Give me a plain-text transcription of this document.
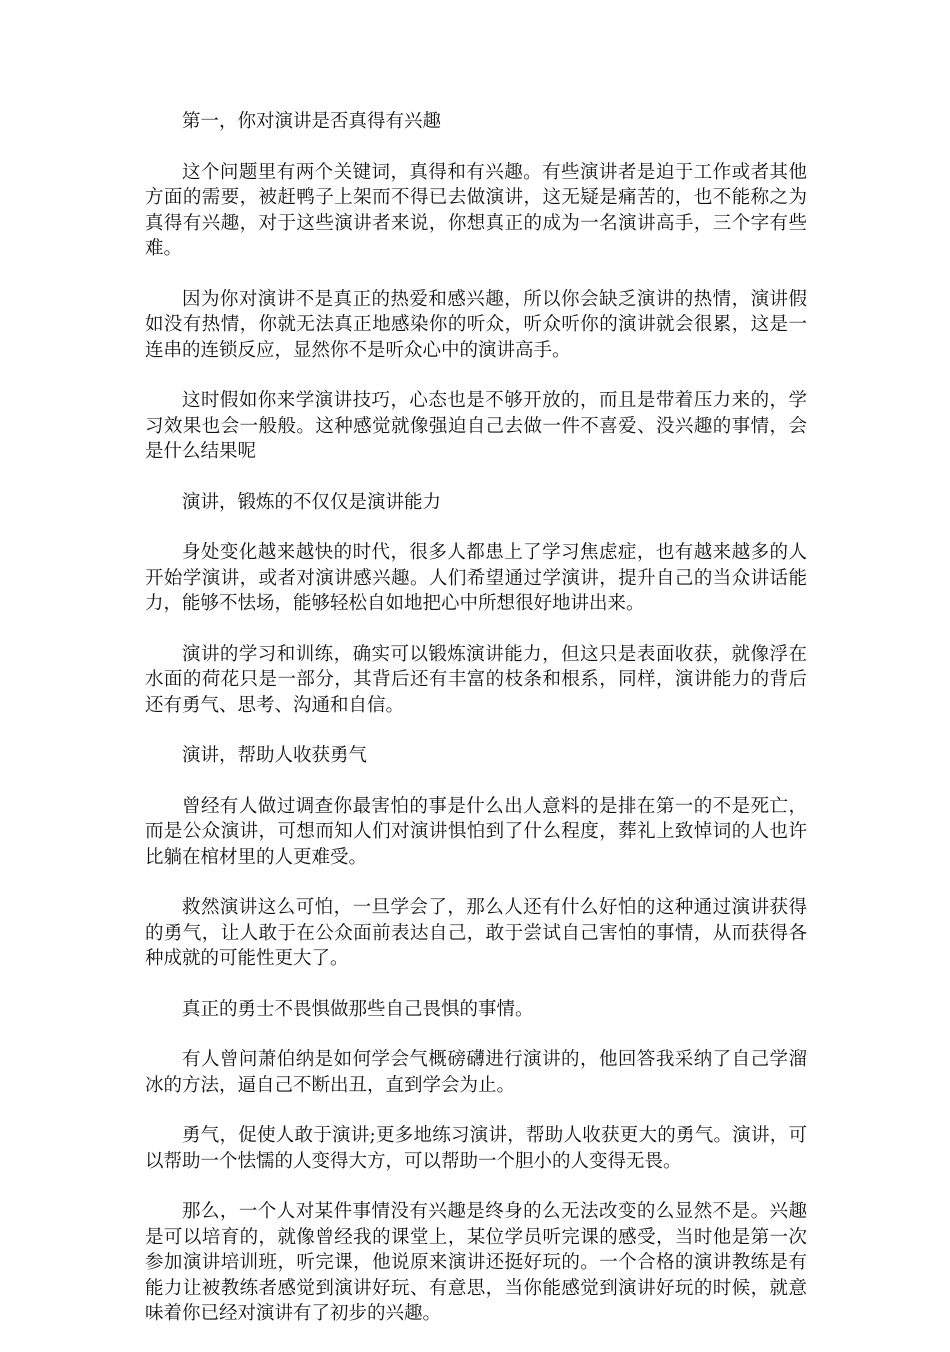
第一，你对演讲是否真得有兴趣

这个问题里有两个关键词，真得和有兴趣。有些演讲者是迫于工作或者其他方面的需要，被赶鸭子上架而不得已去做演讲，这无疑是痛苦的，也不能称之为真得有兴趣，对于这些演讲者来说，你想真正的成为一名演讲高手，三个字有些难。

因为你对演讲不是真正的热爱和感兴趣，所以你会缺乏演讲的热情，演讲假如没有热情，你就无法真正地感染你的听众，听众听你的演讲就会很累，这是一连串的连锁反应，显然你不是听众心中的演讲高手。

这时假如你来学演讲技巧，心态也是不够开放的，而且是带着压力来的，学习效果也会一般般。这种感觉就像强迫自己去做一件不喜爱、没兴趣的事情，会是什么结果呢

演讲，锻炼的不仅仅是演讲能力

身处变化越来越快的时代，很多人都患上了学习焦虑症，也有越来越多的人开始学演讲，或者对演讲感兴趣。人们希望通过学演讲，提升自己的当众讲话能力，能够不怯场，能够轻松自如地把心中所想很好地讲出来。

演讲的学习和训练，确实可以锻炼演讲能力，但这只是表面收获，就像浮在水面的荷花只是一部分，其背后还有丰富的枝条和根系，同样，演讲能力的背后还有勇气、思考、沟通和自信。

演讲，帮助人收获勇气

曾经有人做过调查你最害怕的事是什么出人意料的是排在第一的不是死亡，而是公众演讲，可想而知人们对演讲惧怕到了什么程度，葬礼上致悼词的人也许比躺在棺材里的人更难受。

救然演讲这么可怕，一旦学会了，那么人还有什么好怕的这种通过演讲获得的勇气，让人敢于在公众面前表达自己，敢于尝试自己害怕的事情，从而获得各种成就的可能性更大了。

真正的勇士不畏惧做那些自己畏惧的事情。

有人曾问萧伯纳是如何学会气概磅礴进行演讲的，他回答我采纳了自己学溜冰的方法，逼自己不断出丑，直到学会为止。

勇气，促使人敢于演讲;更多地练习演讲，帮助人收获更大的勇气。演讲，可以帮助一个怯懦的人变得大方，可以帮助一个胆小的人变得无畏。

那么，一个人对某件事情没有兴趣是终身的么无法改变的么显然不是。兴趣是可以培育的，就像曾经我的课堂上，某位学员听完课的感受，当时他是第一次参加演讲培训班，听完课，他说原来演讲还挺好玩的。一个合格的演讲教练是有能力让被教练者感觉到演讲好玩、有意思，当你能感觉到演讲好玩的时候，就意味着你已经对演讲有了初步的兴趣。
